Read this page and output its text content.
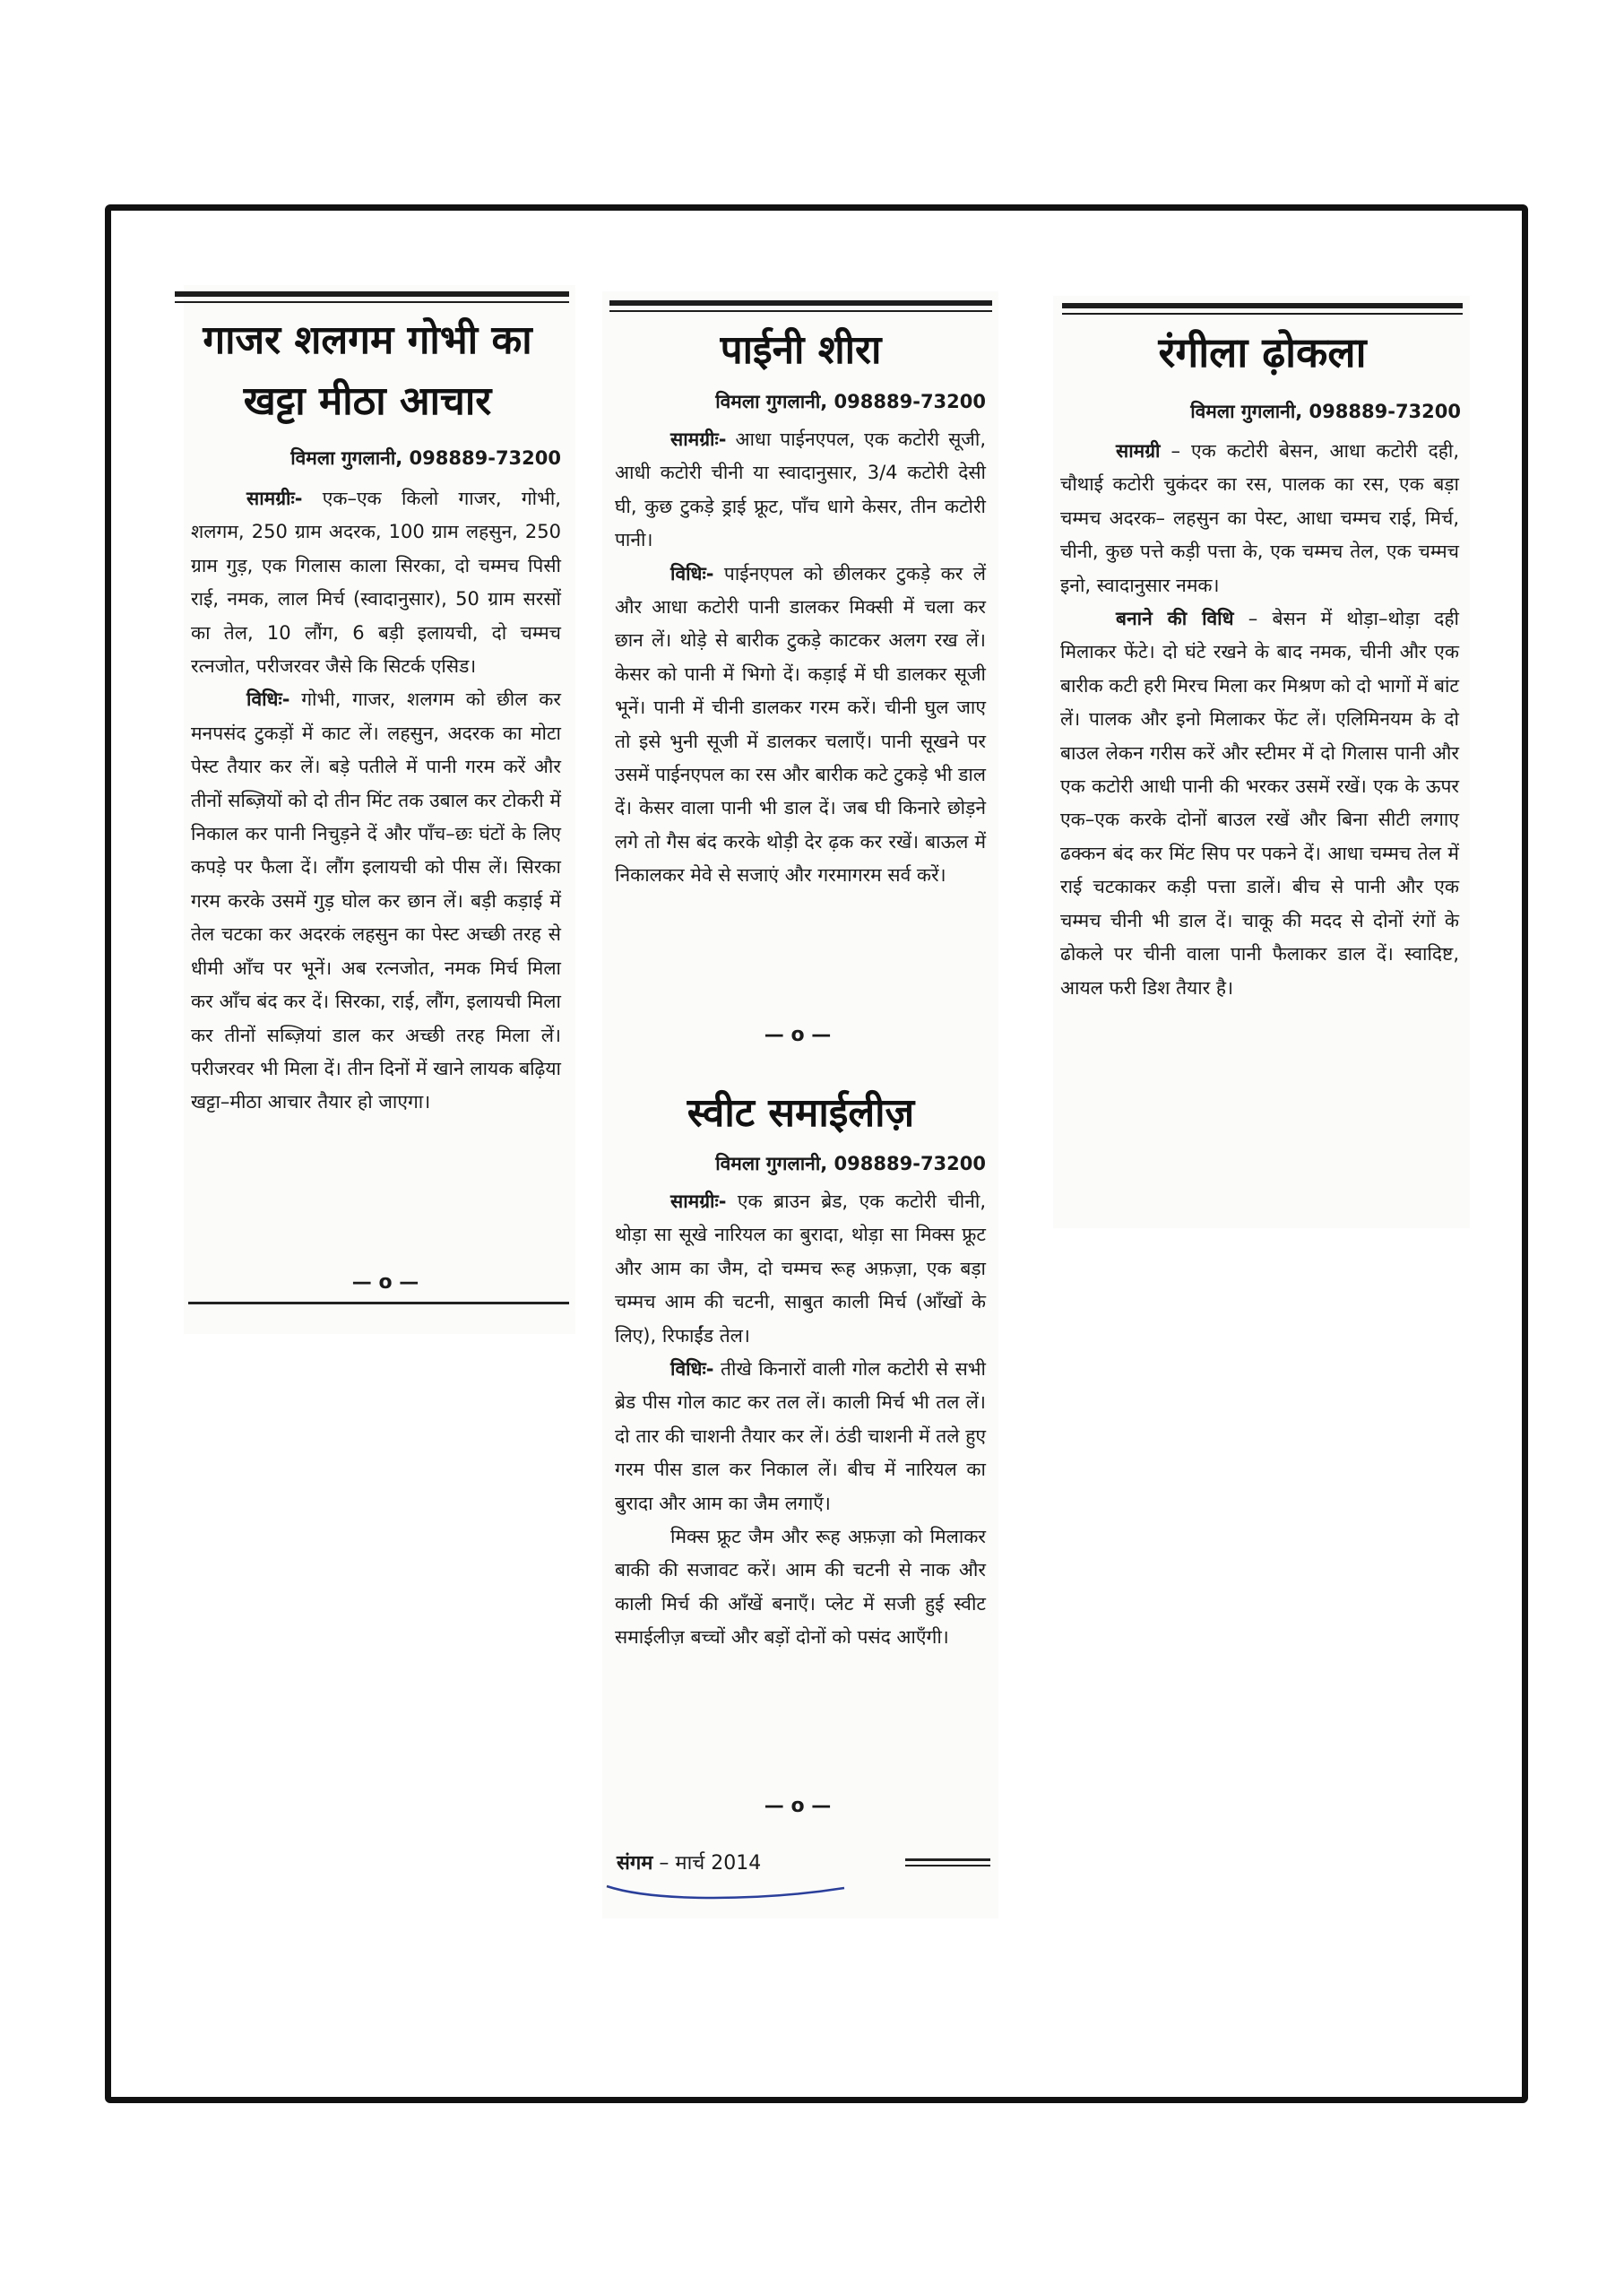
गाजर शलगम गोभी का
खट्टा मीठा आचार
विमला गुगलानी, 098889-73200

सामग्रीः- एक–एक किलो गाजर, गोभी, शलगम, 250 ग्राम अदरक, 100 ग्राम लहसुन, 250 ग्राम गुड़, एक गिलास काला सिरका, दो चम्मच पिसी राई, नमक, लाल मिर्च (स्वादानुसार), 50 ग्राम सरसों का तेल, 10 लौंग, 6 बड़ी इलायची, दो चम्मच रत्नजोत, परीजरवर जैसे कि सिटर्क एसिड।

विधिः- गोभी, गाजर, शलगम को छील कर मनपसंद टुकड़ों में काट लें। लहसुन, अदरक का मोटा पेस्ट तैयार कर लें। बड़े पतीले में पानी गरम करें और तीनों सब्ज़ियों को दो तीन मिंट तक उबाल कर टोकरी में निकाल कर पानी निचुड़ने दें और पाँच–छः घंटों के लिए कपड़े पर फैला दें। लौंग इलायची को पीस लें। सिरका गरम करके उसमें गुड़ घोल कर छान लें। बड़ी कड़ाई में तेल चटका कर अदरकं लहसुन का पेस्ट अच्छी तरह से धीमी आँच पर भूनें। अब रत्नजोत, नमक मिर्च मिला कर आँच बंद कर दें। सिरका, राई, लौंग, इलायची मिला कर तीनों सब्ज़ियां डाल कर अच्छी तरह मिला लें। परीजरवर भी मिला दें। तीन दिनों में खाने लायक बढ़िया खट्टा–मीठा आचार तैयार हो जाएगा।

— o —
पाईनी शीरा
विमला गुगलानी, 098889-73200

सामग्रीः- आधा पाईनएपल, एक कटोरी सूजी, आधी कटोरी चीनी या स्वादानुसार, 3/4 कटोरी देसी घी, कुछ टुकड़े ड्राई फ्रूट, पाँच धागे केसर, तीन कटोरी पानी।

विधिः- पाईनएपल को छीलकर टुकड़े कर लें और आधा कटोरी पानी डालकर मिक्सी में चला कर छान लें। थोड़े से बारीक टुकड़े काटकर अलग रख लें। केसर को पानी में भिगो दें। कड़ाई में घी डालकर सूजी भूनें। पानी में चीनी डालकर गरम करें। चीनी घुल जाए तो इसे भुनी सूजी में डालकर चलाएँ। पानी सूखने पर उसमें पाईनएपल का रस और बारीक कटे टुकड़े भी डाल दें। केसर वाला पानी भी डाल दें। जब घी किनारे छोड़ने लगे तो गैस बंद करके थोड़ी देर ढ़क कर रखें। बाऊल में निकालकर मेवे से सजाएं और गरमागरम सर्व करें।

— o —
स्वीट समाईलीज़
विमला गुगलानी, 098889-73200

सामग्रीः- एक ब्राउन ब्रेड, एक कटोरी चीनी, थोड़ा सा सूखे नारियल का बुरादा, थोड़ा सा मिक्स फ्रूट और आम का जैम, दो चम्मच रूह अफ़ज़ा, एक बड़ा चम्मच आम की चटनी, साबुत काली मिर्च (आँखों के लिए), रिफाईंड तेल।

विधिः- तीखे किनारों वाली गोल कटोरी से सभी ब्रेड पीस गोल काट कर तल लें। काली मिर्च भी तल लें। दो तार की चाशनी तैयार कर लें। ठंडी चाशनी में तले हुए गरम पीस डाल कर निकाल लें। बीच में नारियल का बुरादा और आम का जैम लगाएँ।

मिक्स फ्रूट जैम और रूह अफ़ज़ा को मिलाकर बाकी की सजावट करें। आम की चटनी से नाक और काली मिर्च की आँखें बनाएँ। प्लेट में सजी हुई स्वीट समाईलीज़ बच्चों और बड़ों दोनों को पसंद आएँगी।

— o —
संगम – मार्च 2014
रंगीला ढ़ोकला
विमला गुगलानी, 098889-73200

सामग्री – एक कटोरी बेसन, आधा कटोरी दही, चौथाई कटोरी चुकंदर का रस, पालक का रस, एक बड़ा चम्मच अदरक– लहसुन का पेस्ट, आधा चम्मच राई, मिर्च, चीनी, कुछ पत्ते कड़ी पत्ता के, एक चम्मच तेल, एक चम्मच इनो, स्वादानुसार नमक।

बनाने की विधि – बेसन में थोड़ा–थोड़ा दही मिलाकर फेंटे। दो घंटे रखने के बाद नमक, चीनी और एक बारीक कटी हरी मिरच मिला कर मिश्रण को दो भागों में बांट लें। पालक और इनो मिलाकर फेंट लें। एलिमिनयम के दो बाउल लेकन गरीस करें और स्टीमर में दो गिलास पानी और एक कटोरी आधी पानी की भरकर उसमें रखें। एक के ऊपर एक–एक करके दोनों बाउल रखें और बिना सीटी लगाए ढक्कन बंद कर मिंट सिप पर पकने दें। आधा चम्मच तेल में राई चटकाकर कड़ी पत्ता डालें। बीच से पानी और एक चम्मच चीनी भी डाल दें। चाकू की मदद से दोनों रंगों के ढोकले पर चीनी वाला पानी फैलाकर डाल दें। स्वादिष्ट, आयल फरी डिश तैयार है।
